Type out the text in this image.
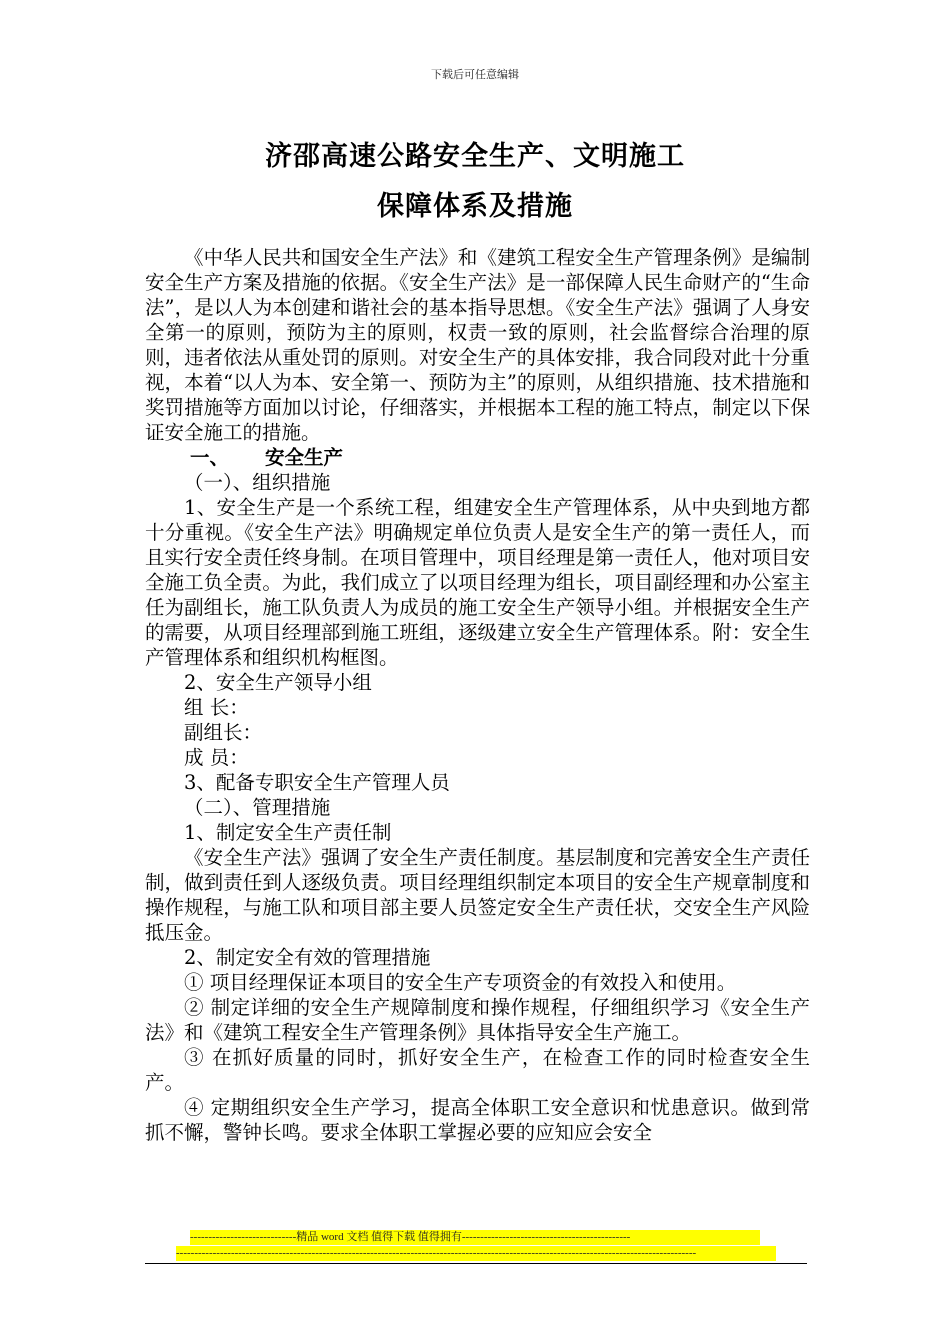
下载后可任意编辑
济邵高速公路安全生产、文明施工
保障体系及措施

《中华人民共和国安全生产法》和《建筑工程安全生产管理条例》是编制安全生产方案及措施的依据。《安全生产法》是一部保障人民生命财产的“生命法”，是以人为本创建和谐社会的基本指导思想。《安全生产法》强调了人身安全第一的原则，预防为主的原则，权责一致的原则，社会监督综合治理的原则，违者依法从重处罚的原则。对安全生产的具体安排，我合同段对此十分重视，本着“以人为本、安全第一、预防为主”的原则，从组织措施、技术措施和奖罚措施等方面加以讨论，仔细落实，并根据本工程的施工特点，制定以下保证安全施工的措施。

一、 安全生产

（一）、组织措施

1、安全生产是一个系统工程，组建安全生产管理体系，从中央到地方都十分重视。《安全生产法》明确规定单位负责人是安全生产的第一责任人，而且实行安全责任终身制。在项目管理中，项目经理是第一责任人，他对项目安全施工负全责。为此，我们成立了以项目经理为组长，项目副经理和办公室主任为副组长，施工队负责人为成员的施工安全生产领导小组。并根据安全生产的需要，从项目经理部到施工班组，逐级建立安全生产管理体系。附：安全生产管理体系和组织机构框图。

2、安全生产领导小组

组 长：

副组长：

成 员：

3、配备专职安全生产管理人员

（二）、管理措施

1、制定安全生产责任制

《安全生产法》强调了安全生产责任制度。基层制度和完善安全生产责任制，做到责任到人逐级负责。项目经理组织制定本项目的安全生产规章制度和操作规程，与施工队和项目部主要人员签定安全生产责任状，交安全生产风险抵压金。

2、制定安全有效的管理措施

① 项目经理保证本项目的安全生产专项资金的有效投入和使用。

② 制定详细的安全生产规障制度和操作规程，仔细组织学习《安全生产法》和《建筑工程安全生产管理条例》具体指导安全生产施工。

③ 在抓好质量的同时，抓好安全生产，在检查工作的同时检查安全生产。

④ 定期组织安全生产学习，提高全体职工安全意识和忧患意识。做到常抓不懈，警钟长鸣。要求全体职工掌握必要的应知应会安全

-----------------------------精品 word 文档 值得下载 值得拥有----------------------------------------------
----------------------------------------------------------------------------------------------------------------------------------------------
